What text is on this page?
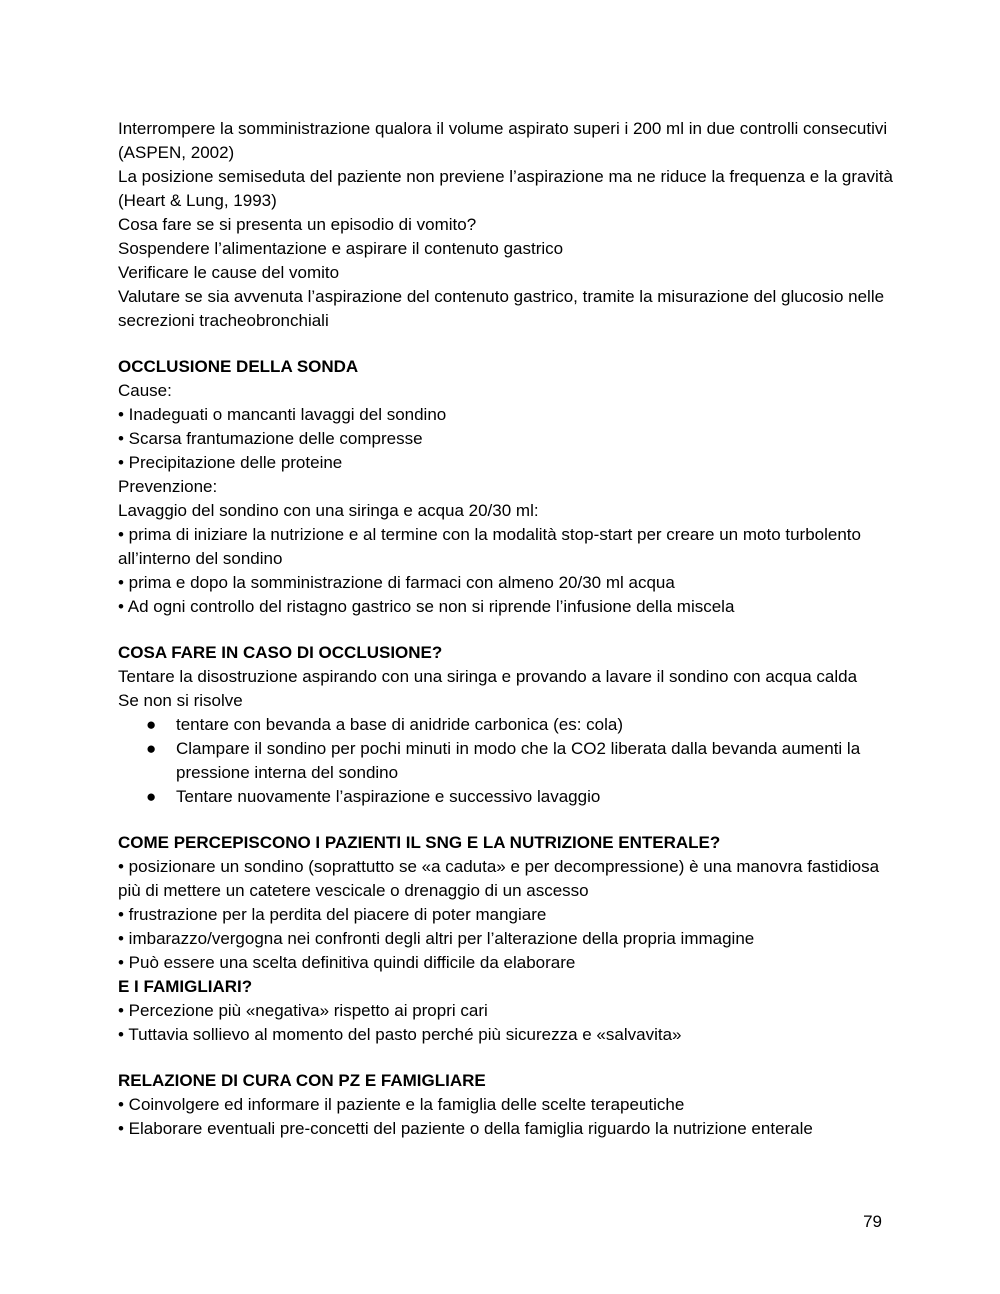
Interrompere la somministrazione qualora il volume aspirato superi i 200 ml in due controlli consecutivi (ASPEN, 2002)

La posizione semiseduta del paziente non previene l’aspirazione ma ne riduce la frequenza e la gravità (Heart & Lung, 1993)

Cosa fare se si presenta un episodio di vomito?

Sospendere l’alimentazione e aspirare il contenuto gastrico

Verificare le cause del vomito

Valutare se sia avvenuta l’aspirazione del contenuto gastrico, tramite la misurazione del glucosio nelle secrezioni tracheobronchiali

OCCLUSIONE DELLA SONDA

Cause:

• Inadeguati o mancanti lavaggi del sondino

• Scarsa frantumazione delle compresse

• Precipitazione delle proteine

Prevenzione:

Lavaggio del sondino con una siringa e acqua 20/30 ml:

• prima di iniziare la nutrizione e al termine con la modalità stop-start per creare un moto turbolento all’interno del sondino

• prima e dopo la somministrazione di farmaci con almeno 20/30 ml acqua

• Ad ogni controllo del ristagno gastrico se non si riprende l’infusione della miscela

COSA FARE IN CASO DI OCCLUSIONE?

Tentare la disostruzione aspirando con una siringa e provando a lavare il sondino con acqua calda

Se non si risolve

●	tentare con bevanda a base di anidride carbonica (es: cola)
●	Clampare il sondino per pochi minuti in modo che la CO2 liberata dalla bevanda aumenti la pressione interna del sondino
●	Tentare nuovamente l’aspirazione e successivo lavaggio

COME PERCEPISCONO I PAZIENTI IL SNG E LA NUTRIZIONE ENTERALE?

• posizionare un sondino (soprattutto se «a caduta» e per decompressione) è una manovra fastidiosa più di mettere un catetere vescicale o drenaggio di un ascesso

• frustrazione per la perdita del piacere di poter mangiare

• imbarazzo/vergogna nei confronti degli altri per l’alterazione della propria immagine

• Può essere una scelta definitiva quindi difficile da elaborare

E I FAMIGLIARI?

• Percezione più «negativa» rispetto ai propri cari

• Tuttavia sollievo al momento del pasto perché più sicurezza e «salvavita»

RELAZIONE DI CURA CON PZ E FAMIGLIARE

• Coinvolgere ed informare il paziente e la famiglia delle scelte terapeutiche

• Elaborare eventuali pre-concetti del paziente o della famiglia riguardo la nutrizione enterale

79
